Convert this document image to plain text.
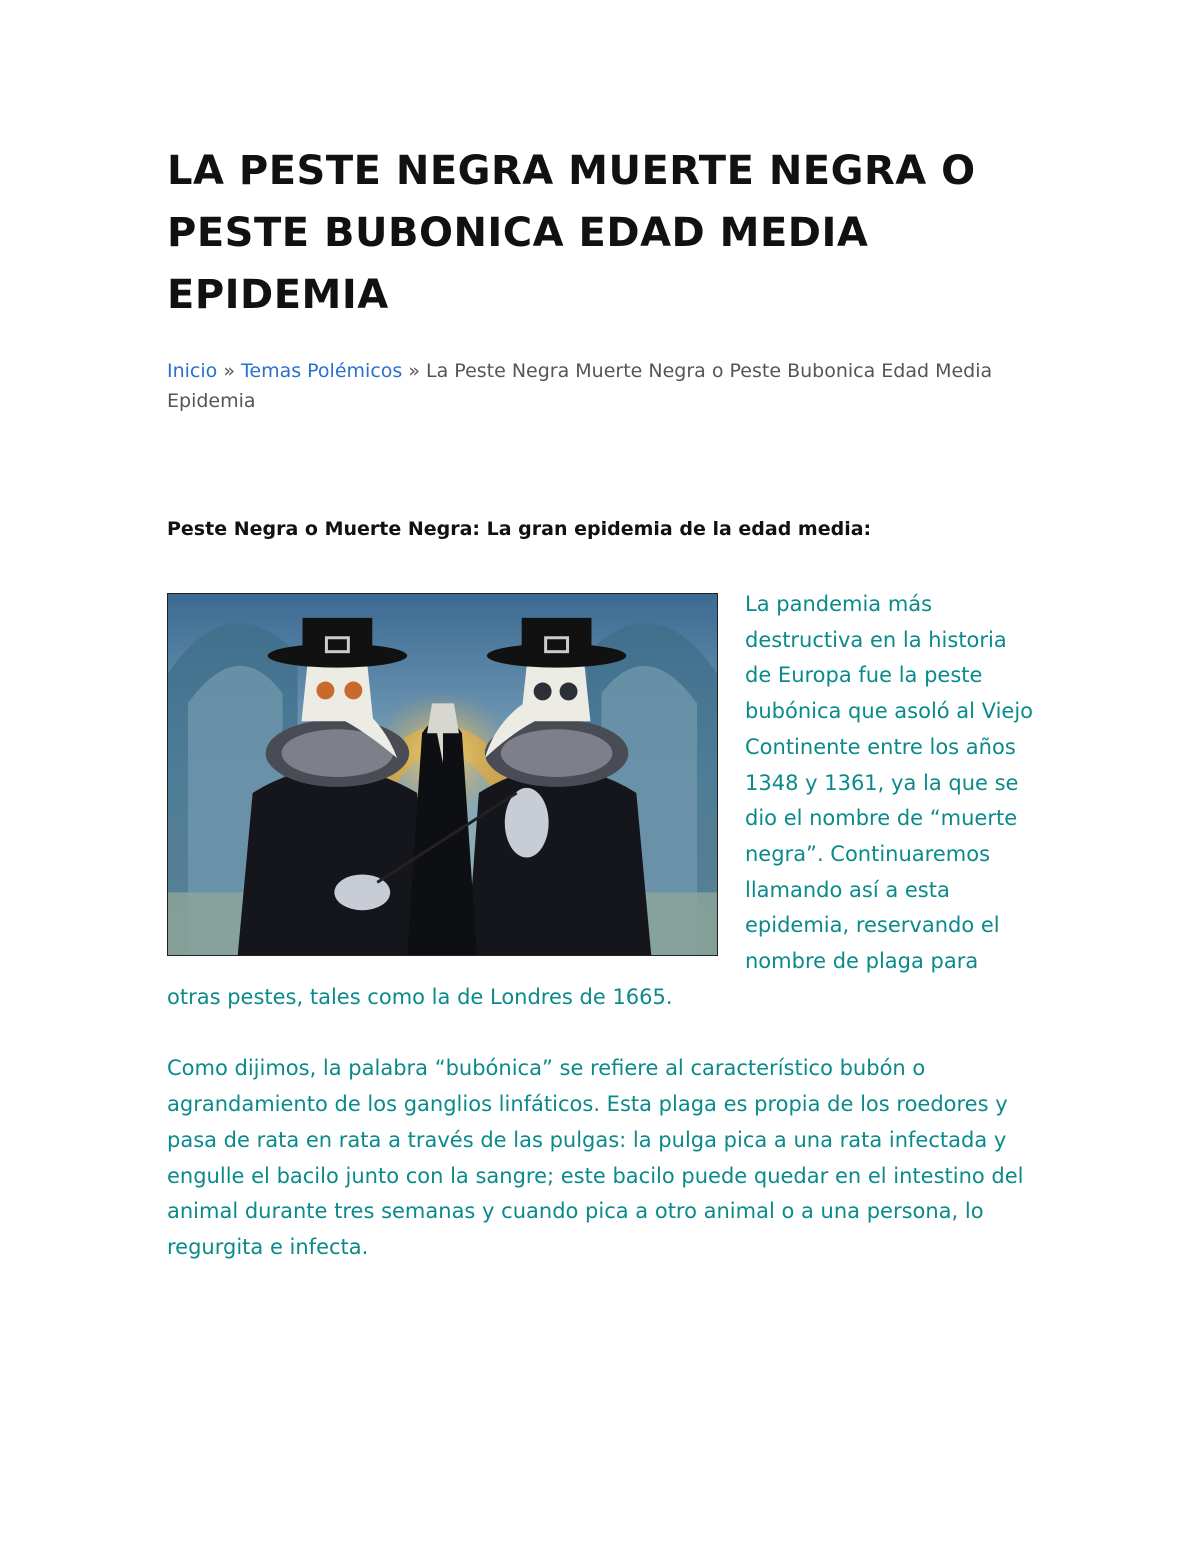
LA PESTE NEGRA MUERTE NEGRA O PESTE BUBONICA EDAD MEDIA EPIDEMIA
Inicio » Temas Polémicos » La Peste Negra Muerte Negra o Peste Bubonica Edad Media Epidemia
Peste Negra o Muerte Negra: La gran epidemia de la edad media:

La pandemia más destructiva en la historia de Europa fue la peste bubónica que asoló al Viejo Continente entre los años 1348 y 1361, ya la que se dio el nombre de “muerte negra”. Continuaremos llamando así a esta epidemia, reservando el nombre de plaga para otras pestes, tales como la de Londres de 1665.

Como dijimos, la palabra “bubónica” se refiere al característico bubón o agrandamiento de los ganglios linfáticos. Esta plaga es propia de los roedores y pasa de rata en rata a través de las pulgas: la pulga pica a una rata infectada y engulle el bacilo junto con la sangre; este bacilo puede quedar en el intestino del animal durante tres semanas y cuando pica a otro animal o a una persona, lo regurgita e infecta.
